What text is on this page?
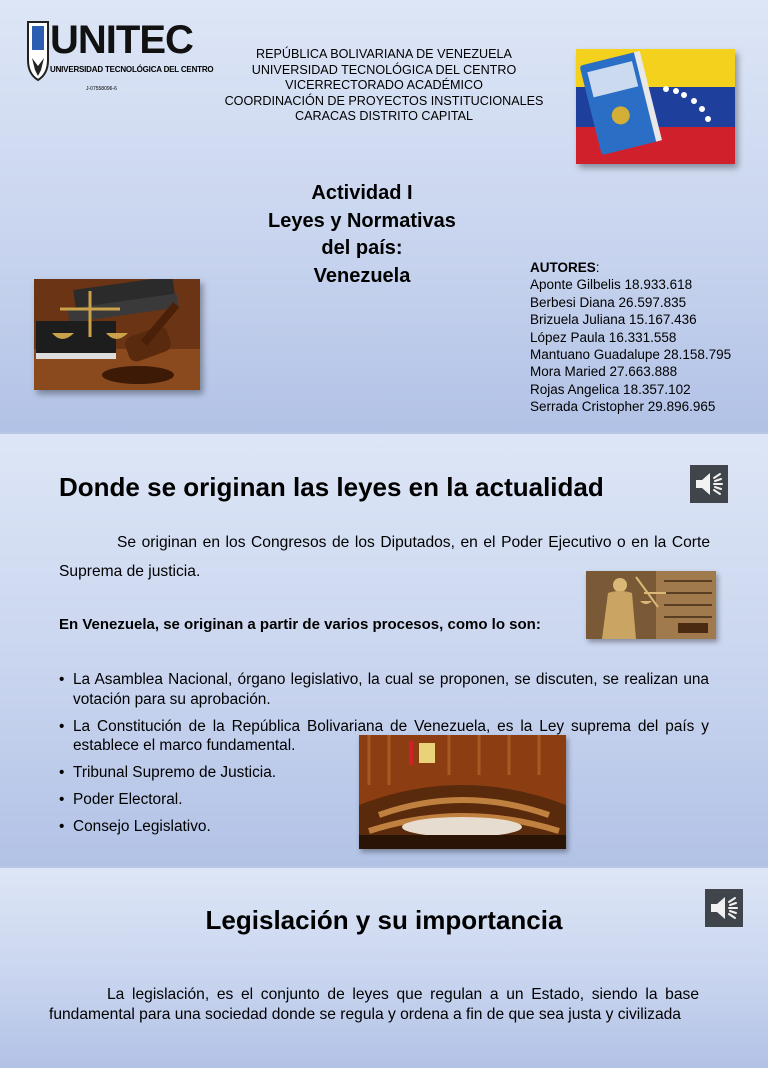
UNITEC
UNIVERSIDAD TECNOLÓGICA DEL CENTRO
J-07558096-6
REPÚBLICA BOLIVARIANA DE VENEZUELA
UNIVERSIDAD TECNOLÓGICA DEL CENTRO
VICERRECTORADO ACADÉMICO
COORDINACIÓN DE PROYECTOS INSTITUCIONALES
CARACAS DISTRITO CAPITAL
Actividad I
Leyes y Normativas
del país:
Venezuela	AUTORES:
Aponte Gilbelis 18.933.618
Berbesi Diana 26.597.835
Brizuela Juliana 15.167.436
López Paula 16.331.558
Mantuano Guadalupe 28.158.795
Mora Maried 27.663.888
Rojas Angelica 18.357.102
Serrada Cristopher 29.896.965
Donde se originan las leyes en la actualidad
Se originan en los Congresos de los Diputados, en el Poder Ejecutivo o en la Corte Suprema de justicia.
En Venezuela, se originan a partir de varios procesos, como lo son:
• La Asamblea Nacional, órgano legislativo, la cual se proponen, se discuten, se realizan una votación para su aprobación.
• La Constitución de la República Bolivariana de Venezuela, es la Ley suprema del país y establece el marco fundamental.
• Tribunal Supremo de Justicia.
• Poder Electoral.
• Consejo Legislativo.
Legislación y su importancia
La legislación, es el conjunto de leyes que regulan a un Estado, siendo la base fundamental para una sociedad donde se regula y ordena a fin de que sea justa y civilizada
